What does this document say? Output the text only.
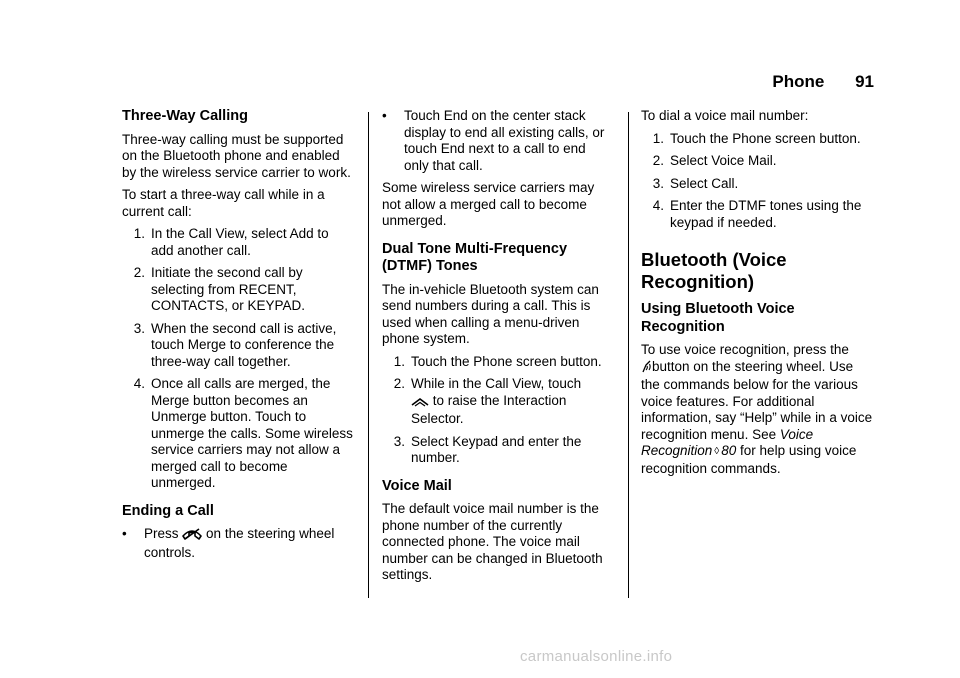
Phone 91
Three-Way Calling

Three-way calling must be supported on the Bluetooth phone and enabled by the wireless service carrier to work.

To start a three-way call while in a current call:

1. In the Call View, select Add to add another call.
2. Initiate the second call by selecting from RECENT, CONTACTS, or KEYPAD.
3. When the second call is active, touch Merge to conference the three-way call together.
4. Once all calls are merged, the Merge button becomes an Unmerge button. Touch to unmerge the calls. Some wireless service carriers may not allow a merged call to become unmerged.
Ending a Call
•	Press on the steering wheel controls.
•	Touch End on the center stack display to end all existing calls, or touch End next to a call to end only that call.

Some wireless service carriers may not allow a merged call to become unmerged.

Dual Tone Multi-Frequency (DTMF) Tones

The in-vehicle Bluetooth system can send numbers during a call. This is used when calling a menu-driven phone system.

1. Touch the Phone screen button.
2. While in the Call View, touch
to raise the Interaction Selector.
3. Select Keypad and enter the number.
Voice Mail

The default voice mail number is the phone number of the currently connected phone. The voice mail number can be changed in Bluetooth settings.

To dial a voice mail number:

1. Touch the Phone screen button.
2. Select Voice Mail.
3. Select Call.
4. Enter the DTMF tones using the keypad if needed.
Bluetooth (Voice Recognition)
Using Bluetooth Voice Recognition

To use voice recognition, press the
button on the steering wheel. Use the commands below for the various voice features. For additional information, say “Help” while in a voice recognition menu. See Voice Recognition ◊ 80 for help using voice recognition commands.

carmanualsonline.info
